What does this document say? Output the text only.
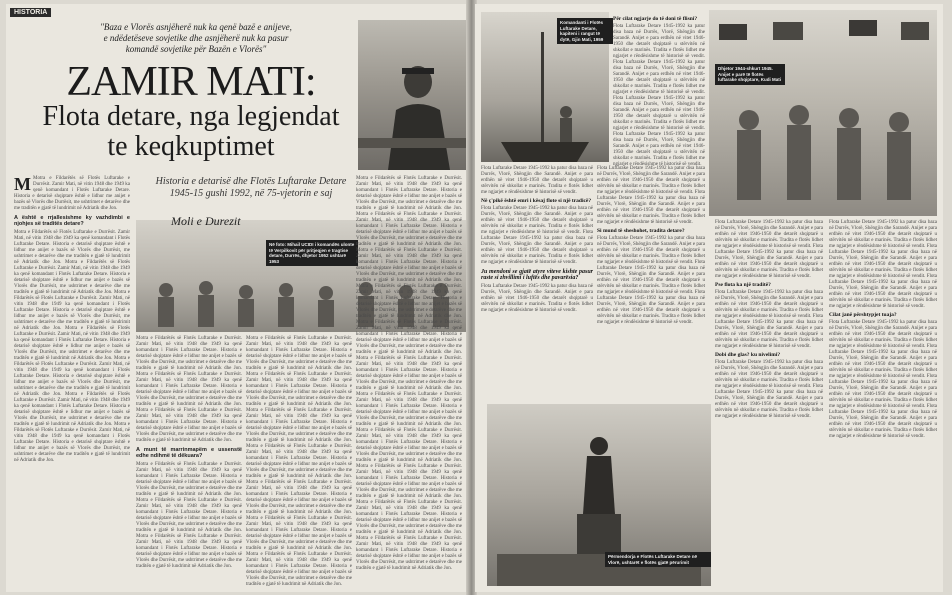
HISTORIA
"Baza e Vlorës asnjëherë nuk ka qenë bazë e anijeve,
e ndëdetëseve sovjetike dhe asnjëherë nuk ka pasur
komandë sovjetike për Bazën e Vlorës"
ZAMIR MATI:
Flota detare, nga legjendat
te keqkuptimet
Historia e detarisë dhe Flotës Luftarake Detare 1945-15 gushi 1992, në 75-vjetorin e saj
Moli e Durezit
Në foto: Mihail UCIDI i komandës ulonte të Verpilkovit për pritjeqjen e tragtise detare, Durrës, dhjetor 1952 ushtarë 1953
M Motra e Fildarëtës së Flotës Luftarake e Durrësit. Zamir Mati, në vitin 1948 dhe 1949 ka qenë komandant i Flotës Luftarake Detare. Historia e detarisë shqiptare është e lidhur me anijet e bazës së Vlorës dhe Durrësit, me ushtrimet e detarëve dhe me traditën e gjatë të lundrimit në Adriatik dhe Jon.
A është e rrjallesishme ky vazhdimbi e njohjes së traditës detare?
Motra e Fildarëtës së Flotës Luftarake e Durrësit. Zamir Mati, në vitin 1948 dhe 1949 ka qenë komandant i Flotës Luftarake Detare. Historia e detarisë shqiptare është e lidhur me anijet e bazës së Vlorës dhe Durrësit, me ushtrimet e detarëve dhe me traditën e gjatë të lundrimit në Adriatik dhe Jon. Motra e Fildarëtës së Flotës Luftarake e Durrësit. Zamir Mati, në vitin 1948 dhe 1949 ka qenë komandant i Flotës Luftarake Detare. Historia e detarisë shqiptare është e lidhur me anijet e bazës së Vlorës dhe Durrësit, me ushtrimet e detarëve dhe me traditën e gjatë të lundrimit në Adriatik dhe Jon. Motra e Fildarëtës së Flotës Luftarake e Durrësit. Zamir Mati, në vitin 1948 dhe 1949 ka qenë komandant i Flotës Luftarake Detare. Historia e detarisë shqiptare është e lidhur me anijet e bazës së Vlorës dhe Durrësit, me ushtrimet e detarëve dhe me traditën e gjatë të lundrimit në Adriatik dhe Jon. Motra e Fildarëtës së Flotës Luftarake e Durrësit. Zamir Mati, në vitin 1948 dhe 1949 ka qenë komandant i Flotës Luftarake Detare. Historia e detarisë shqiptare është e lidhur me anijet e bazës së Vlorës dhe Durrësit, me ushtrimet e detarëve dhe me traditën e gjatë të lundrimit në Adriatik dhe Jon. Motra e Fildarëtës së Flotës Luftarake e Durrësit. Zamir Mati, në vitin 1948 dhe 1949 ka qenë komandant i Flotës Luftarake Detare. Historia e detarisë shqiptare është e lidhur me anijet e bazës së Vlorës dhe Durrësit, me ushtrimet e detarëve dhe me traditën e gjatë të lundrimit në Adriatik dhe Jon. Motra e Fildarëtës së Flotës Luftarake e Durrësit. Zamir Mati, në vitin 1948 dhe 1949 ka qenë komandant i Flotës Luftarake Detare. Historia e detarisë shqiptare është e lidhur me anijet e bazës së Vlorës dhe Durrësit, me ushtrimet e detarëve dhe me traditën e gjatë të lundrimit në Adriatik dhe Jon. Motra e Fildarëtës së Flotës Luftarake e Durrësit. Zamir Mati, në vitin 1948 dhe 1949 ka qenë komandant i Flotës Luftarake Detare. Historia e detarisë shqiptare është e lidhur me anijet e bazës së Vlorës dhe Durrësit, me ushtrimet e detarëve dhe me traditën e gjatë të lundrimit në Adriatik dhe Jon.
Motra e Fildarëtës së Flotës Luftarake e Durrësit. Zamir Mati, në vitin 1948 dhe 1949 ka qenë komandant i Flotës Luftarake Detare. Historia e detarisë shqiptare është e lidhur me anijet e bazës së Vlorës dhe Durrësit, me ushtrimet e detarëve dhe me traditën e gjatë të lundrimit në Adriatik dhe Jon. Motra e Fildarëtës së Flotës Luftarake e Durrësit. Zamir Mati, në vitin 1948 dhe 1949 ka qenë komandant i Flotës Luftarake Detare. Historia e detarisë shqiptare është e lidhur me anijet e bazës së Vlorës dhe Durrësit, me ushtrimet e detarëve dhe me traditën e gjatë të lundrimit në Adriatik dhe Jon. Motra e Fildarëtës së Flotës Luftarake e Durrësit. Zamir Mati, në vitin 1948 dhe 1949 ka qenë komandant i Flotës Luftarake Detare. Historia e detarisë shqiptare është e lidhur me anijet e bazës së Vlorës dhe Durrësit, me ushtrimet e detarëve dhe me traditën e gjatë të lundrimit në Adriatik dhe Jon.
A munt të marrinmapëm e ussenstë edhe ndihmë të dëkuara?
Motra e Fildarëtës së Flotës Luftarake e Durrësit. Zamir Mati, në vitin 1948 dhe 1949 ka qenë komandant i Flotës Luftarake Detare. Historia e detarisë shqiptare është e lidhur me anijet e bazës së Vlorës dhe Durrësit, me ushtrimet e detarëve dhe me traditën e gjatë të lundrimit në Adriatik dhe Jon. Motra e Fildarëtës së Flotës Luftarake e Durrësit. Zamir Mati, në vitin 1948 dhe 1949 ka qenë komandant i Flotës Luftarake Detare. Historia e detarisë shqiptare është e lidhur me anijet e bazës së Vlorës dhe Durrësit, me ushtrimet e detarëve dhe me traditën e gjatë të lundrimit në Adriatik dhe Jon. Motra e Fildarëtës së Flotës Luftarake e Durrësit. Zamir Mati, në vitin 1948 dhe 1949 ka qenë komandant i Flotës Luftarake Detare. Historia e detarisë shqiptare është e lidhur me anijet e bazës së Vlorës dhe Durrësit, me ushtrimet e detarëve dhe me traditën e gjatë të lundrimit në Adriatik dhe Jon.
Motra e Fildarëtës së Flotës Luftarake e Durrësit. Zamir Mati, në vitin 1948 dhe 1949 ka qenë komandant i Flotës Luftarake Detare. Historia e detarisë shqiptare është e lidhur me anijet e bazës së Vlorës dhe Durrësit, me ushtrimet e detarëve dhe me traditën e gjatë të lundrimit në Adriatik dhe Jon. Motra e Fildarëtës së Flotës Luftarake e Durrësit. Zamir Mati, në vitin 1948 dhe 1949 ka qenë komandant i Flotës Luftarake Detare. Historia e detarisë shqiptare është e lidhur me anijet e bazës së Vlorës dhe Durrësit, me ushtrimet e detarëve dhe me traditën e gjatë të lundrimit në Adriatik dhe Jon. Motra e Fildarëtës së Flotës Luftarake e Durrësit. Zamir Mati, në vitin 1948 dhe 1949 ka qenë komandant i Flotës Luftarake Detare. Historia e detarisë shqiptare është e lidhur me anijet e bazës së Vlorës dhe Durrësit, me ushtrimet e detarëve dhe me traditën e gjatë të lundrimit në Adriatik dhe Jon. Motra e Fildarëtës së Flotës Luftarake e Durrësit. Zamir Mati, në vitin 1948 dhe 1949 ka qenë komandant i Flotës Luftarake Detare. Historia e detarisë shqiptare është e lidhur me anijet e bazës së Vlorës dhe Durrësit, me ushtrimet e detarëve dhe me traditën e gjatë të lundrimit në Adriatik dhe Jon. Motra e Fildarëtës së Flotës Luftarake e Durrësit. Zamir Mati, në vitin 1948 dhe 1949 ka qenë komandant i Flotës Luftarake Detare. Historia e detarisë shqiptare është e lidhur me anijet e bazës së Vlorës dhe Durrësit, me ushtrimet e detarëve dhe me traditën e gjatë të lundrimit në Adriatik dhe Jon. Motra e Fildarëtës së Flotës Luftarake e Durrësit. Zamir Mati, në vitin 1948 dhe 1949 ka qenë komandant i Flotës Luftarake Detare. Historia e detarisë shqiptare është e lidhur me anijet e bazës së Vlorës dhe Durrësit, me ushtrimet e detarëve dhe me traditën e gjatë të lundrimit në Adriatik dhe Jon. Motra e Fildarëtës së Flotës Luftarake e Durrësit. Zamir Mati, në vitin 1948 dhe 1949 ka qenë komandant i Flotës Luftarake Detare. Historia e detarisë shqiptare është e lidhur me anijet e bazës së Vlorës dhe Durrësit, me ushtrimet e detarëve dhe me traditën e gjatë të lundrimit në Adriatik dhe Jon.
Motra e Fildarëtës së Flotës Luftarake e Durrësit. Zamir Mati, në vitin 1948 dhe 1949 ka qenë komandant i Flotës Luftarake Detare. Historia e detarisë shqiptare është e lidhur me anijet e bazës së Vlorës dhe Durrësit, me ushtrimet e detarëve dhe me traditën e gjatë të lundrimit në Adriatik dhe Jon. Motra e Fildarëtës së Flotës Luftarake e Durrësit. Zamir Mati, në vitin 1948 dhe 1949 ka qenë komandant i Flotës Luftarake Detare. Historia e detarisë shqiptare është e lidhur me anijet e bazës së Vlorës dhe Durrësit, me ushtrimet e detarëve dhe me traditën e gjatë të lundrimit në Adriatik dhe Jon. Motra e Fildarëtës së Flotës Luftarake e Durrësit. Zamir Mati, në vitin 1948 dhe 1949 ka qenë komandant i Flotës Luftarake Detare. Historia e detarisë shqiptare është e lidhur me anijet e bazës së Vlorës dhe Durrësit, me ushtrimet e detarëve dhe me traditën e gjatë të lundrimit në Adriatik dhe Jon. Motra e Fildarëtës së Flotës Luftarake e Durrësit. Zamir Mati, në vitin 1948 dhe 1949 ka qenë komandant i Flotës Luftarake Detare. Historia e detarisë shqiptare është e lidhur me anijet e bazës së Vlorës dhe Durrësit, me ushtrimet e detarëve dhe me traditën e gjatë të lundrimit në Adriatik dhe Jon. Motra e Fildarëtës së Flotës Luftarake e Durrësit. Zamir Mati, në vitin 1948 dhe 1949 ka qenë komandant i Flotës Luftarake Detare. Historia e detarisë shqiptare është e lidhur me anijet e bazës së Vlorës dhe Durrësit, me ushtrimet e detarëve dhe me traditën e gjatë të lundrimit në Adriatik dhe Jon. Motra e Fildarëtës së Flotës Luftarake e Durrësit. Zamir Mati, në vitin 1948 dhe 1949 ka qenë komandant i Flotës Luftarake Detare. Historia e detarisë shqiptare është e lidhur me anijet e bazës së Vlorës dhe Durrësit, me ushtrimet e detarëve dhe me traditën e gjatë të lundrimit në Adriatik dhe Jon. Motra e Fildarëtës së Flotës Luftarake e Durrësit. Zamir Mati, në vitin 1948 dhe 1949 ka qenë komandant i Flotës Luftarake Detare. Historia e detarisë shqiptare është e lidhur me anijet e bazës së Vlorës dhe Durrësit, me ushtrimet e detarëve dhe me traditën e gjatë të lundrimit në Adriatik dhe Jon. Motra e Fildarëtës së Flotës Luftarake e Durrësit. Zamir Mati, në vitin 1948 dhe 1949 ka qenë komandant i Flotës Luftarake Detare. Historia e detarisë shqiptare është e lidhur me anijet e bazës së Vlorës dhe Durrësit, me ushtrimet e detarëve dhe me traditën e gjatë të lundrimit në Adriatik dhe Jon. Motra e Fildarëtës së Flotës Luftarake e Durrësit. Zamir Mati, në vitin 1948 dhe 1949 ka qenë komandant i Flotës Luftarake Detare. Historia e detarisë shqiptare është e lidhur me anijet e bazës së Vlorës dhe Durrësit, me ushtrimet e detarëve dhe me traditën e gjatë të lundrimit në Adriatik dhe Jon. Motra e Fildarëtës së Flotës Luftarake e Durrësit. Zamir Mati, në vitin 1948 dhe 1949 ka qenë komandant i Flotës Luftarake Detare. Historia e detarisë shqiptare është e lidhur me anijet e bazës së Vlorës dhe Durrësit, me ushtrimet e detarëve dhe me traditën e gjatë të lundrimit në Adriatik dhe Jon. Motra e Fildarëtës së Flotës Luftarake e Durrësit. Zamir Mati, në vitin 1948 dhe 1949 ka qenë komandant i Flotës Luftarake Detare. Historia e detarisë shqiptare është e lidhur me anijet e bazës së Vlorës dhe Durrësit, me ushtrimet e detarëve dhe me traditën e gjatë të lundrimit në Adriatik dhe Jon.
Komandanti i Flotës Luftarake Detare, kapiteni i rangut të dytë, Gjin Mati, 1959
Dhjetor 1944-shkurt 1945. Anijet e parë të flotës luftarake shqiptare, Kudi Mati
Përmendorja e Flotës Luftarake Detare në Vlorë, ushtarët e flotës gjatë përurimit
Flota Luftarake Detare 1945-1992 ka patur disa baza në Durrës, Vlorë, Shëngjin dhe Sarandë. Anijet e para erdhën në vitet 1946-1950 dhe detarët shqiptarë u stërvitën në shkollat e marinës. Tradita e flotës lidhet me ngjarjet e rëndësishme të historisë së vendit.
Në ç'pikë është emri i kësaj flote si një tradicë?
Flota Luftarake Detare 1945-1992 ka patur disa baza në Durrës, Vlorë, Shëngjin dhe Sarandë. Anijet e para erdhën në vitet 1946-1950 dhe detarët shqiptarë u stërvitën në shkollat e marinës. Tradita e flotës lidhet me ngjarjet e rëndësishme të historisë së vendit. Flota Luftarake Detare 1945-1992 ka patur disa baza në Durrës, Vlorë, Shëngjin dhe Sarandë. Anijet e para erdhën në vitet 1946-1950 dhe detarët shqiptarë u stërvitën në shkollat e marinës. Tradita e flotës lidhet me ngjarjet e rëndësishme të historisë së vendit.
Ju mendoni se gjatë atyre viteve kishte pasur raste si zhvillimi i luftës dhe pavarësia?
Flota Luftarake Detare 1945-1992 ka patur disa baza në Durrës, Vlorë, Shëngjin dhe Sarandë. Anijet e para erdhën në vitet 1946-1950 dhe detarët shqiptarë u stërvitën në shkollat e marinës. Tradita e flotës lidhet me ngjarjet e rëndësishme të historisë së vendit.
Flota Luftarake Detare 1945-1992 ka patur disa baza në Durrës, Vlorë, Shëngjin dhe Sarandë. Anijet e para erdhën në vitet 1946-1950 dhe detarët shqiptarë u stërvitën në shkollat e marinës. Tradita e flotës lidhet me ngjarjet e rëndësishme të historisë së vendit. Flota Luftarake Detare 1945-1992 ka patur disa baza në Durrës, Vlorë, Shëngjin dhe Sarandë. Anijet e para erdhën në vitet 1946-1950 dhe detarët shqiptarë u stërvitën në shkollat e marinës. Tradita e flotës lidhet me ngjarjet e rëndësishme të historisë së vendit.
Si mund të sheshohet, tradita detare?
Flota Luftarake Detare 1945-1992 ka patur disa baza në Durrës, Vlorë, Shëngjin dhe Sarandë. Anijet e para erdhën në vitet 1946-1950 dhe detarët shqiptarë u stërvitën në shkollat e marinës. Tradita e flotës lidhet me ngjarjet e rëndësishme të historisë së vendit. Flota Luftarake Detare 1945-1992 ka patur disa baza në Durrës, Vlorë, Shëngjin dhe Sarandë. Anijet e para erdhën në vitet 1946-1950 dhe detarët shqiptarë u stërvitën në shkollat e marinës. Tradita e flotës lidhet me ngjarjet e rëndësishme të historisë së vendit. Flota Luftarake Detare 1945-1992 ka patur disa baza në Durrës, Vlorë, Shëngjin dhe Sarandë. Anijet e para erdhën në vitet 1946-1950 dhe detarët shqiptarë u stërvitën në shkollat e marinës. Tradita e flotës lidhet me ngjarjet e rëndësishme të historisë së vendit.
Për cilat ngjarje do të doni të flisni?
Flota Luftarake Detare 1945-1992 ka patur disa baza në Durrës, Vlorë, Shëngjin dhe Sarandë. Anijet e para erdhën në vitet 1946-1950 dhe detarët shqiptarë u stërvitën në shkollat e marinës. Tradita e flotës lidhet me ngjarjet e rëndësishme të historisë së vendit. Flota Luftarake Detare 1945-1992 ka patur disa baza në Durrës, Vlorë, Shëngjin dhe Sarandë. Anijet e para erdhën në vitet 1946-1950 dhe detarët shqiptarë u stërvitën në shkollat e marinës. Tradita e flotës lidhet me ngjarjet e rëndësishme të historisë së vendit. Flota Luftarake Detare 1945-1992 ka patur disa baza në Durrës, Vlorë, Shëngjin dhe Sarandë. Anijet e para erdhën në vitet 1946-1950 dhe detarët shqiptarë u stërvitën në shkollat e marinës. Tradita e flotës lidhet me ngjarjet e rëndësishme të historisë së vendit. Flota Luftarake Detare 1945-1992 ka patur disa baza në Durrës, Vlorë, Shëngjin dhe Sarandë. Anijet e para erdhën në vitet 1946-1950 dhe detarët shqiptarë u stërvitën në shkollat e marinës. Tradita e flotës lidhet me ngjarjet e rëndësishme të historisë së vendit.
Flota Luftarake Detare 1945-1992 ka patur disa baza në Durrës, Vlorë, Shëngjin dhe Sarandë. Anijet e para erdhën në vitet 1946-1950 dhe detarët shqiptarë u stërvitën në shkollat e marinës. Tradita e flotës lidhet me ngjarjet e rëndësishme të historisë së vendit. Flota Luftarake Detare 1945-1992 ka patur disa baza në Durrës, Vlorë, Shëngjin dhe Sarandë. Anijet e para erdhën në vitet 1946-1950 dhe detarët shqiptarë u stërvitën në shkollat e marinës. Tradita e flotës lidhet me ngjarjet e rëndësishme të historisë së vendit.
Pse flota ka një traditë?
Flota Luftarake Detare 1945-1992 ka patur disa baza në Durrës, Vlorë, Shëngjin dhe Sarandë. Anijet e para erdhën në vitet 1946-1950 dhe detarët shqiptarë u stërvitën në shkollat e marinës. Tradita e flotës lidhet me ngjarjet e rëndësishme të historisë së vendit. Flota Luftarake Detare 1945-1992 ka patur disa baza në Durrës, Vlorë, Shëngjin dhe Sarandë. Anijet e para erdhën në vitet 1946-1950 dhe detarët shqiptarë u stërvitën në shkollat e marinës. Tradita e flotës lidhet me ngjarjet e rëndësishme të historisë së vendit.
Dobi dhe glas? ku nivelimi?
Flota Luftarake Detare 1945-1992 ka patur disa baza në Durrës, Vlorë, Shëngjin dhe Sarandë. Anijet e para erdhën në vitet 1946-1950 dhe detarët shqiptarë u stërvitën në shkollat e marinës. Tradita e flotës lidhet me ngjarjet e rëndësishme të historisë së vendit. Flota Luftarake Detare 1945-1992 ka patur disa baza në Durrës, Vlorë, Shëngjin dhe Sarandë. Anijet e para erdhën në vitet 1946-1950 dhe detarët shqiptarë u stërvitën në shkollat e marinës. Tradita e flotës lidhet me ngjarjet e rëndësishme të historisë së vendit.
Flota Luftarake Detare 1945-1992 ka patur disa baza në Durrës, Vlorë, Shëngjin dhe Sarandë. Anijet e para erdhën në vitet 1946-1950 dhe detarët shqiptarë u stërvitën në shkollat e marinës. Tradita e flotës lidhet me ngjarjet e rëndësishme të historisë së vendit. Flota Luftarake Detare 1945-1992 ka patur disa baza në Durrës, Vlorë, Shëngjin dhe Sarandë. Anijet e para erdhën në vitet 1946-1950 dhe detarët shqiptarë u stërvitën në shkollat e marinës. Tradita e flotës lidhet me ngjarjet e rëndësishme të historisë së vendit. Flota Luftarake Detare 1945-1992 ka patur disa baza në Durrës, Vlorë, Shëngjin dhe Sarandë. Anijet e para erdhën në vitet 1946-1950 dhe detarët shqiptarë u stërvitën në shkollat e marinës. Tradita e flotës lidhet me ngjarjet e rëndësishme të historisë së vendit.
Cilat janë përshtypjet tuaja?
Flota Luftarake Detare 1945-1992 ka patur disa baza në Durrës, Vlorë, Shëngjin dhe Sarandë. Anijet e para erdhën në vitet 1946-1950 dhe detarët shqiptarë u stërvitën në shkollat e marinës. Tradita e flotës lidhet me ngjarjet e rëndësishme të historisë së vendit. Flota Luftarake Detare 1945-1992 ka patur disa baza në Durrës, Vlorë, Shëngjin dhe Sarandë. Anijet e para erdhën në vitet 1946-1950 dhe detarët shqiptarë u stërvitën në shkollat e marinës. Tradita e flotës lidhet me ngjarjet e rëndësishme të historisë së vendit. Flota Luftarake Detare 1945-1992 ka patur disa baza në Durrës, Vlorë, Shëngjin dhe Sarandë. Anijet e para erdhën në vitet 1946-1950 dhe detarët shqiptarë u stërvitën në shkollat e marinës. Tradita e flotës lidhet me ngjarjet e rëndësishme të historisë së vendit. Flota Luftarake Detare 1945-1992 ka patur disa baza në Durrës, Vlorë, Shëngjin dhe Sarandë. Anijet e para erdhën në vitet 1946-1950 dhe detarët shqiptarë u stërvitën në shkollat e marinës. Tradita e flotës lidhet me ngjarjet e rëndësishme të historisë së vendit.
